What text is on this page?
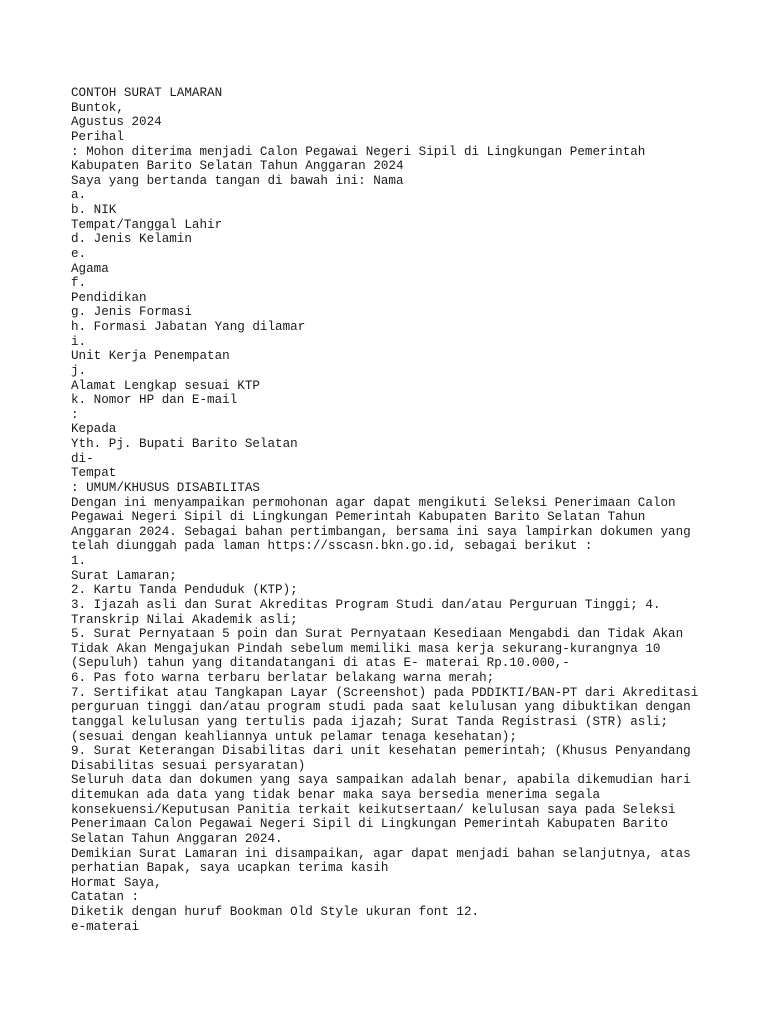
CONTOH SURAT LAMARAN

Buntok,

Agustus 2024

Perihal

: Mohon diterima menjadi Calon Pegawai Negeri Sipil di Lingkungan Pemerintah

Kabupaten Barito Selatan Tahun Anggaran 2024

Saya yang bertanda tangan di bawah ini: Nama

a.

b. NIK

Tempat/Tanggal Lahir

d. Jenis Kelamin

e.

Agama

f.

Pendidikan

g. Jenis Formasi

h. Formasi Jabatan Yang dilamar

i.

Unit Kerja Penempatan

j.

Alamat Lengkap sesuai KTP

k. Nomor HP dan E-mail

:

Kepada

Yth. Pj. Bupati Barito Selatan

di-

Tempat

: UMUM/KHUSUS DISABILITAS

Dengan ini menyampaikan permohonan agar dapat mengikuti Seleksi Penerimaan Calon

Pegawai Negeri Sipil di Lingkungan Pemerintah Kabupaten Barito Selatan Tahun

Anggaran 2024. Sebagai bahan pertimbangan, bersama ini saya lampirkan dokumen yang

telah diunggah pada laman https://sscasn.bkn.go.id, sebagai berikut :

1.

Surat Lamaran;

2. Kartu Tanda Penduduk (KTP);

3. Ijazah asli dan Surat Akreditas Program Studi dan/atau Perguruan Tinggi; 4.

Transkrip Nilai Akademik asli;

5. Surat Pernyataan 5 poin dan Surat Pernyataan Kesediaan Mengabdi dan Tidak Akan

Tidak Akan Mengajukan Pindah sebelum memiliki masa kerja sekurang-kurangnya 10

(Sepuluh) tahun yang ditandatangani di atas E- materai Rp.10.000,-

6. Pas foto warna terbaru berlatar belakang warna merah;

7. Sertifikat atau Tangkapan Layar (Screenshot) pada PDDIKTI/BAN-PT dari Akreditasi

perguruan tinggi dan/atau program studi pada saat kelulusan yang dibuktikan dengan

tanggal kelulusan yang tertulis pada ijazah; Surat Tanda Registrasi (STR) asli;

(sesuai dengan keahliannya untuk pelamar tenaga kesehatan);

9. Surat Keterangan Disabilitas dari unit kesehatan pemerintah; (Khusus Penyandang

Disabilitas sesuai persyaratan)

Seluruh data dan dokumen yang saya sampaikan adalah benar, apabila dikemudian hari

ditemukan ada data yang tidak benar maka saya bersedia menerima segala

konsekuensi/Keputusan Panitia terkait keikutsertaan/ kelulusan saya pada Seleksi

Penerimaan Calon Pegawai Negeri Sipil di Lingkungan Pemerintah Kabupaten Barito

Selatan Tahun Anggaran 2024.

Demikian Surat Lamaran ini disampaikan, agar dapat menjadi bahan selanjutnya, atas

perhatian Bapak, saya ucapkan terima kasih

Hormat Saya,

Catatan :

Diketik dengan huruf Bookman Old Style ukuran font 12.

e-materai
